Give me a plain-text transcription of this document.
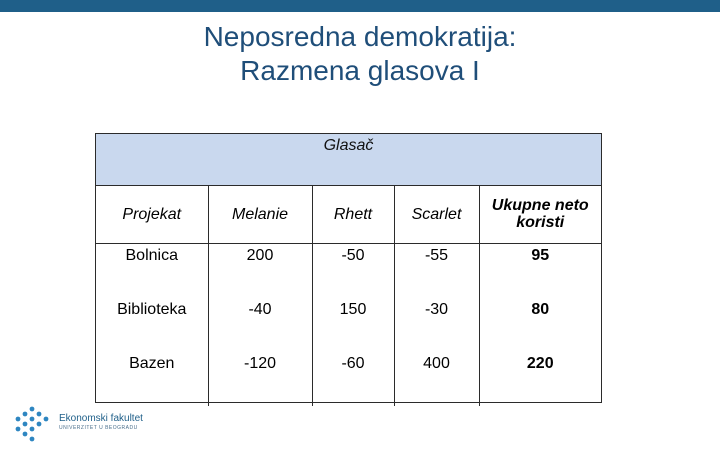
Neposredna demokratija:
Razmena glasova I
Glasač
Projekat	Melanie	Rhett	Scarlet	Ukupne neto koristi
Bolnica	200	-50	-55	95
Biblioteka	-40	150	-30	80
Bazen	-120	-60	400	220
Ekonomski fakultet
UNIVERZITET U BEOGRADU
